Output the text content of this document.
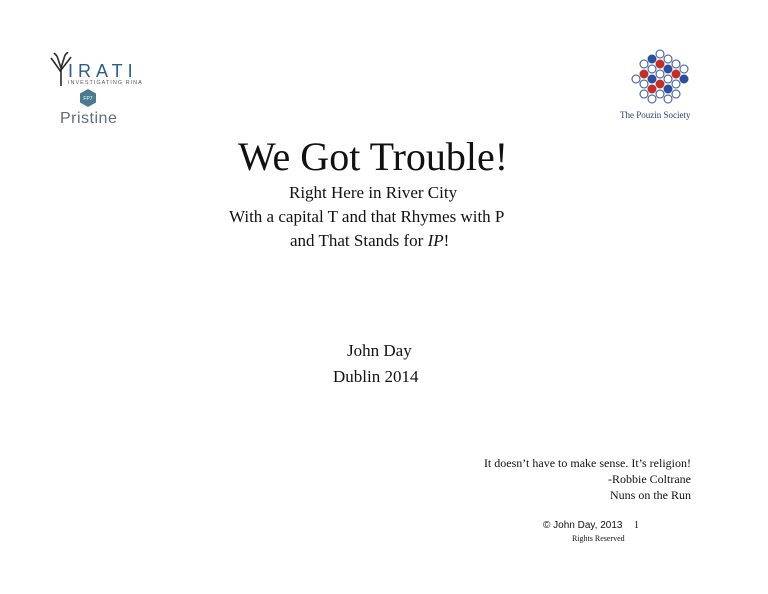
IRATI
INVESTIGATING RINA
FP7
Pristine	The Pouzin Society
We Got Trouble!
Right Here in River City
With a capital T and that Rhymes with P
and That Stands for IP!
John Day
Dublin 2014
It doesn’t have to make sense. It’s religion!
-Robbie Coltrane
Nuns on the Run
© John Day, 2013 1
Rights Reserved
